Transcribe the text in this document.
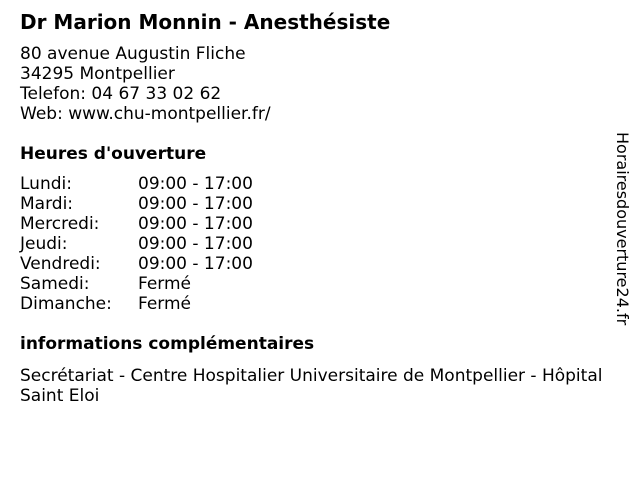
Dr Marion Monnin - Anesthésiste
80 avenue Augustin Fliche
34295 Montpellier
Telefon: 04 67 33 02 62
Web: www.chu-montpellier.fr/
Heures d'ouverture
Lundi:	09:00 - 17:00
Mardi:	09:00 - 17:00
Mercredi:	09:00 - 17:00
Jeudi:	09:00 - 17:00
Vendredi:	09:00 - 17:00
Samedi:	Fermé
Dimanche:	Fermé
informations complémentaires
Secrétariat - Centre Hospitalier Universitaire de Montpellier - Hôpital Saint Eloi
Horairesdouverture24.fr
